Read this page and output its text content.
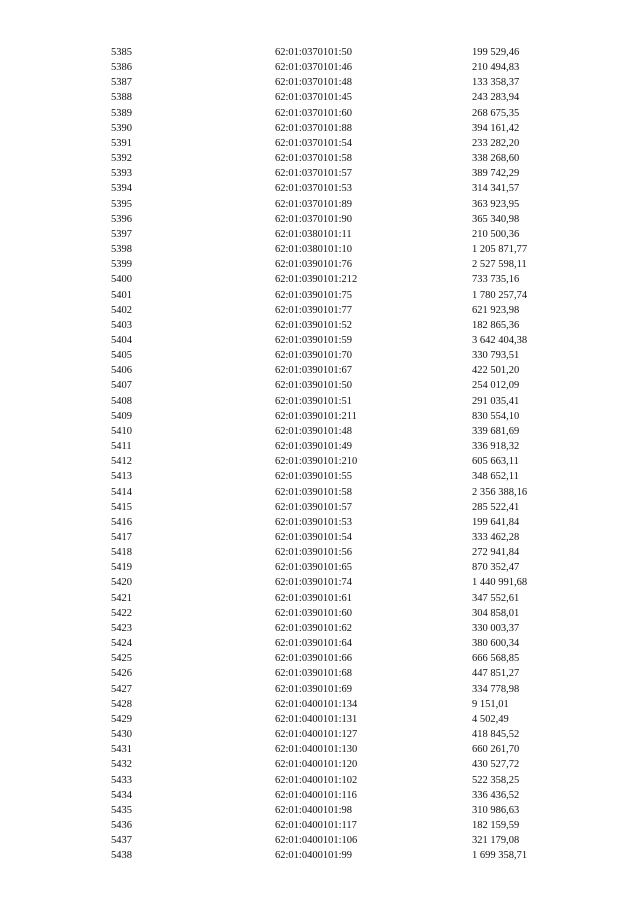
5385	62:01:0370101:50	199 529,46
5386	62:01:0370101:46	210 494,83
5387	62:01:0370101:48	133 358,37
5388	62:01:0370101:45	243 283,94
5389	62:01:0370101:60	268 675,35
5390	62:01:0370101:88	394 161,42
5391	62:01:0370101:54	233 282,20
5392	62:01:0370101:58	338 268,60
5393	62:01:0370101:57	389 742,29
5394	62:01:0370101:53	314 341,57
5395	62:01:0370101:89	363 923,95
5396	62:01:0370101:90	365 340,98
5397	62:01:0380101:11	210 500,36
5398	62:01:0380101:10	1 205 871,77
5399	62:01:0390101:76	2 527 598,11
5400	62:01:0390101:212	733 735,16
5401	62:01:0390101:75	1 780 257,74
5402	62:01:0390101:77	621 923,98
5403	62:01:0390101:52	182 865,36
5404	62:01:0390101:59	3 642 404,38
5405	62:01:0390101:70	330 793,51
5406	62:01:0390101:67	422 501,20
5407	62:01:0390101:50	254 012,09
5408	62:01:0390101:51	291 035,41
5409	62:01:0390101:211	830 554,10
5410	62:01:0390101:48	339 681,69
5411	62:01:0390101:49	336 918,32
5412	62:01:0390101:210	605 663,11
5413	62:01:0390101:55	348 652,11
5414	62:01:0390101:58	2 356 388,16
5415	62:01:0390101:57	285 522,41
5416	62:01:0390101:53	199 641,84
5417	62:01:0390101:54	333 462,28
5418	62:01:0390101:56	272 941,84
5419	62:01:0390101:65	870 352,47
5420	62:01:0390101:74	1 440 991,68
5421	62:01:0390101:61	347 552,61
5422	62:01:0390101:60	304 858,01
5423	62:01:0390101:62	330 003,37
5424	62:01:0390101:64	380 600,34
5425	62:01:0390101:66	666 568,85
5426	62:01:0390101:68	447 851,27
5427	62:01:0390101:69	334 778,98
5428	62:01:0400101:134	9 151,01
5429	62:01:0400101:131	4 502,49
5430	62:01:0400101:127	418 845,52
5431	62:01:0400101:130	660 261,70
5432	62:01:0400101:120	430 527,72
5433	62:01:0400101:102	522 358,25
5434	62:01:0400101:116	336 436,52
5435	62:01:0400101:98	310 986,63
5436	62:01:0400101:117	182 159,59
5437	62:01:0400101:106	321 179,08
5438	62:01:0400101:99	1 699 358,71
